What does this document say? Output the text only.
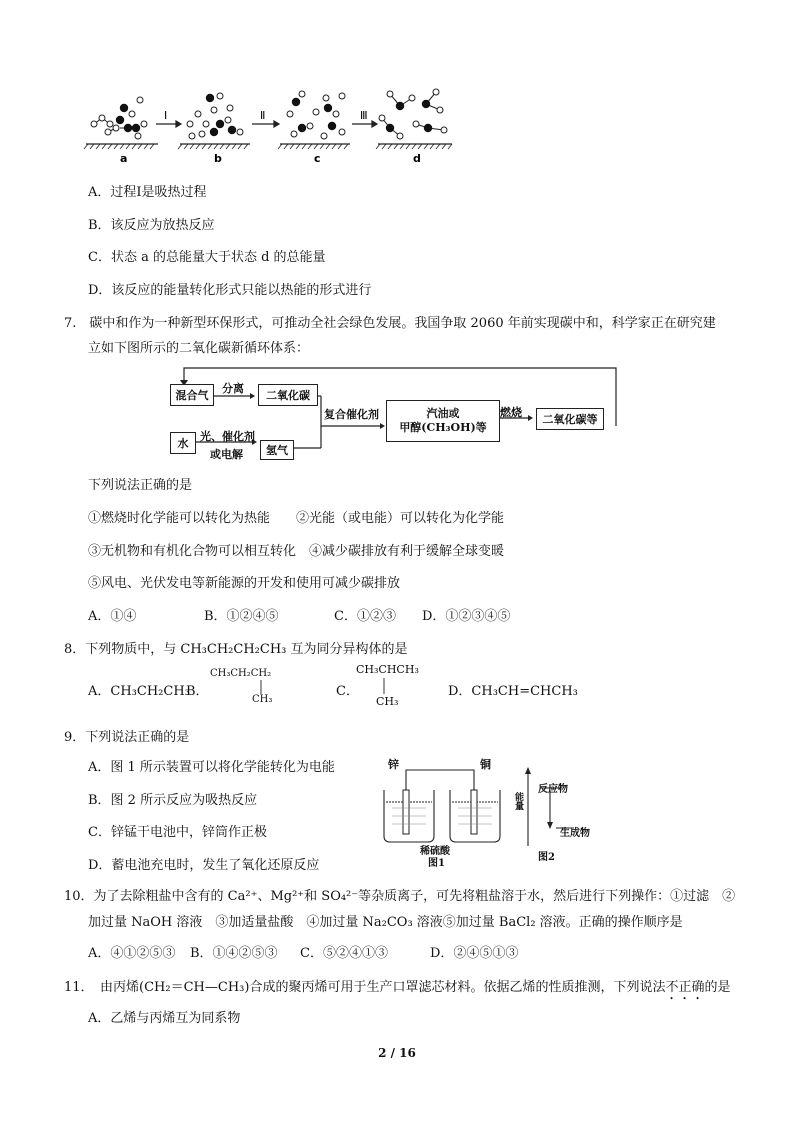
Ⅰ	Ⅱ	Ⅲ
a	b	c	d
A．过程Ⅰ是吸热过程
B．该反应为放热反应
C．状态 a 的总能量大于状态 d 的总能量
D．该反应的能量转化形式只能以热能的形式进行
7.　碳中和作为一种新型环保形式，可推动全社会绿色发展。我国争取 2060 年前实现碳中和，科学家正在研究建
立如下图所示的二氧化碳新循环体系：
混合气
分离
二氧化碳
水
光、催化剂
或电解	氢气
复合催化剂	汽油或
甲醇(CH₃OH)等
燃烧
二氧化碳等
下列说法正确的是
①燃烧时化学能可以转化为热能　　②光能（或电能）可以转化为化学能
③无机物和有机化合物可以相互转化　④减少碳排放有利于缓解全球变暖
⑤风电、光伏发电等新能源的开发和使用可减少碳排放
A．①④	B．①②④⑤	C．①②③ D．①②③④⑤
8．下列物质中，与 CH₃CH₂CH₂CH₃ 互为同分异构体的是
A．CH₃CH₂CH₃
B．
CH₃CH₂CH₂
CH₃
C．
CH₃CHCH₃
CH₃
D．CH₃CH=CHCH₃
9．下列说法正确的是
A．图 1 所示装置可以将化学能转化为电能
B．图 2 所示反应为吸热反应
C．锌锰干电池中，锌筒作正极
D．蓄电池充电时，发生了氧化还原反应
锌	铜
稀硫酸
图1
能量
反应物
生成物
图2
10．为了去除粗盐中含有的 Ca²⁺、Mg²⁺和 SO₄²⁻等杂质离子，可先将粗盐溶于水，然后进行下列操作：①过滤　②
加过量 NaOH 溶液　③加适量盐酸　④加过量 Na₂CO₃ 溶液⑤加过量 BaCl₂ 溶液。正确的操作顺序是
A．④①②⑤③ B．①④②⑤③ C．⑤②④①③	D．②④⑤①③
11．　由丙烯(CH₂＝CH—CH₃)合成的聚丙烯可用于生产口罩滤芯材料。依据乙烯的性质推测，下列说法不正确的是
A．乙烯与丙烯互为同系物
2 / 16
